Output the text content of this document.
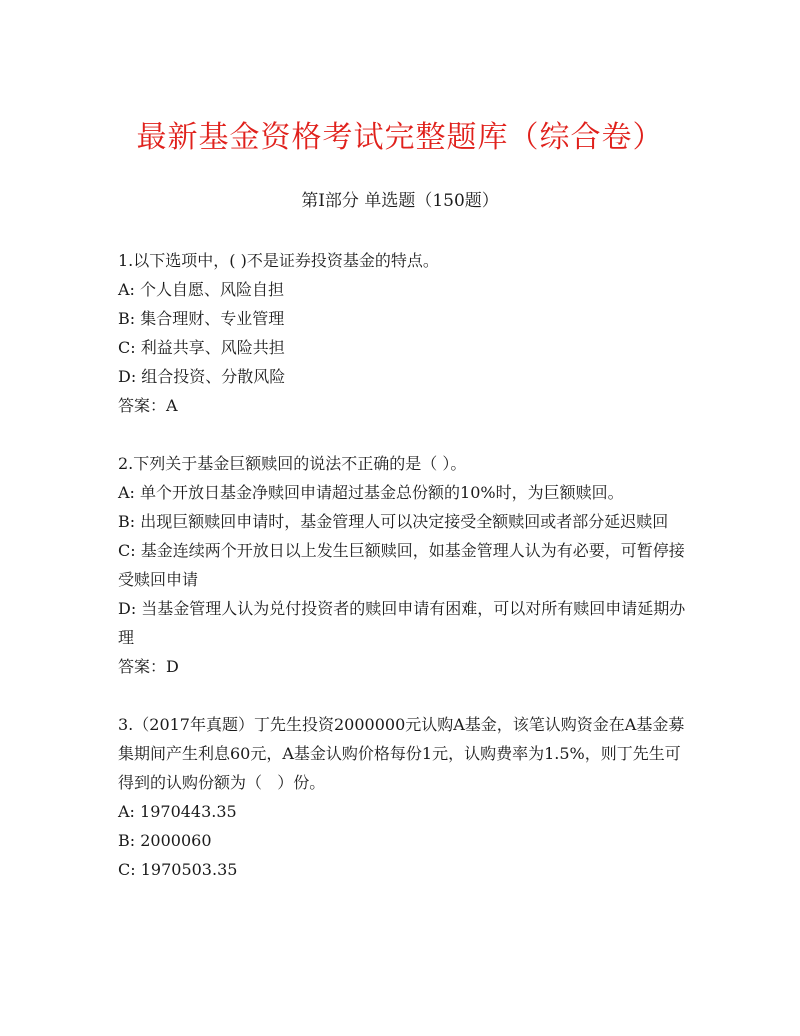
最新基金资格考试完整题库（综合卷）
第Ⅰ部分 单选题（150题）
1.以下选项中，( )不是证券投资基金的特点。
A: 个人自愿、风险自担
B: 集合理财、专业管理
C: 利益共享、风险共担
D: 组合投资、分散风险
答案：A
2.下列关于基金巨额赎回的说法不正确的是（ ）。
A: 单个开放日基金净赎回申请超过基金总份额的10%时，为巨额赎回。
B: 出现巨额赎回申请时，基金管理人可以决定接受全额赎回或者部分延迟赎回
C: 基金连续两个开放日以上发生巨额赎回，如基金管理人认为有必要，可暂停接受赎回申请
D: 当基金管理人认为兑付投资者的赎回申请有困难，可以对所有赎回申请延期办理
答案：D
3.（2017年真题）丁先生投资2000000元认购A基金，该笔认购资金在A基金募集期间产生利息60元，A基金认购价格每份1元，认购费率为1.5%，则丁先生可得到的认购份额为（   ）份。
A: 1970443.35
B: 2000060
C: 1970503.35
